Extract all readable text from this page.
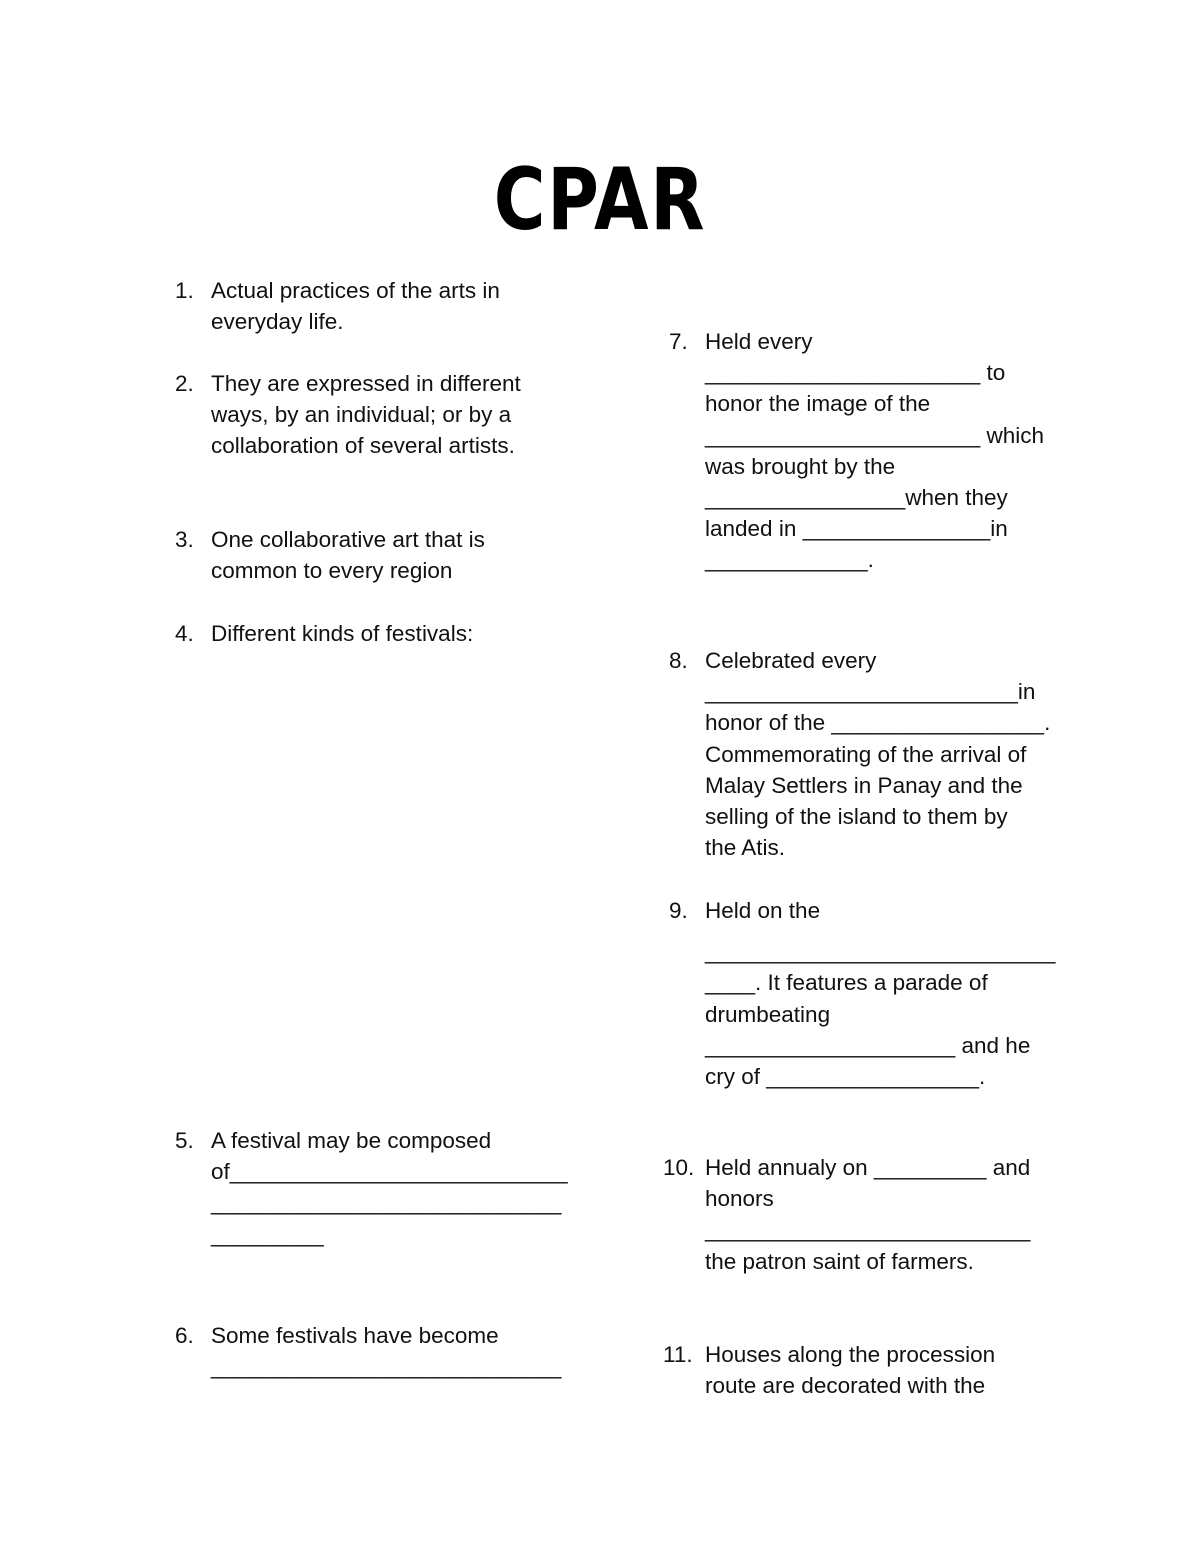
CPAR
1. Actual practices of the arts in
everyday life.
2. They are expressed in different
ways, by an individual; or by a
collaboration of several artists.
3. One collaborative art that is
common to every region
4. Different kinds of festivals:
5. A festival may be composed
of___________________________
____________________________
_________
6. Some festivals have become
____________________________
7. Held every
______________________ to
honor the image of the
______________________ which
was brought by the
________________when they
landed in _______________in
_____________.
8. Celebrated every
_________________________in
honor of the _________________.
Commemorating of the arrival of
Malay Settlers in Panay and the
selling of the island to them by
the Atis.
9. Held on the
____________________________
____. It features a parade of
drumbeating
____________________ and he
cry of _________________.
10. Held annualy on _________ and
honors
__________________________
the patron saint of farmers.
11. Houses along the procession
route are decorated with the
